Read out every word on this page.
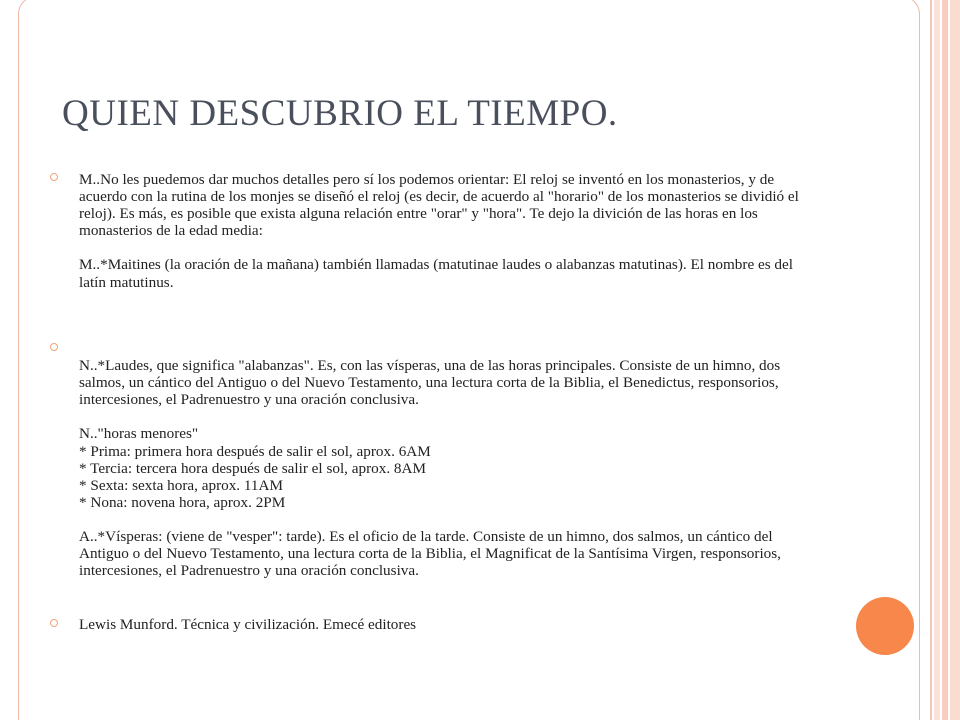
QUIEN DESCUBRIO EL TIEMPO.
M..No les puedemos dar muchos detalles pero sí los podemos orientar: El reloj se inventó en los monasterios, y de acuerdo con la rutina de los monjes se diseñó el reloj (es decir, de acuerdo al "horario" de los monasterios se dividió el reloj). Es más, es posible que exista alguna relación entre "orar" y "hora". Te dejo la divición de las horas en los monasterios de la edad media:

M..*Maitines (la oración de la mañana) también llamadas (matutinae laudes o alabanzas matutinas). El nombre es del latín matutinus.

N..*Laudes, que significa "alabanzas". Es, con las vísperas, una de las horas principales. Consiste de un himno, dos salmos, un cántico del Antiguo o del Nuevo Testamento, una lectura corta de la Biblia, el Benedictus, responsorios, intercesiones, el Padrenuestro y una oración conclusiva.

N.."horas menores"
* Prima: primera hora después de salir el sol, aprox. 6AM
* Tercia: tercera hora después de salir el sol, aprox. 8AM
* Sexta: sexta hora, aprox. 11AM
* Nona: novena hora, aprox. 2PM

A..*Vísperas: (viene de "vesper": tarde). Es el oficio de la tarde. Consiste de un himno, dos salmos, un cántico del Antiguo o del Nuevo Testamento, una lectura corta de la Biblia, el Magnificat de la Santísima Virgen, responsorios, intercesiones, el Padrenuestro y una oración conclusiva.
Lewis Munford. Técnica y civilización. Emecé editores
